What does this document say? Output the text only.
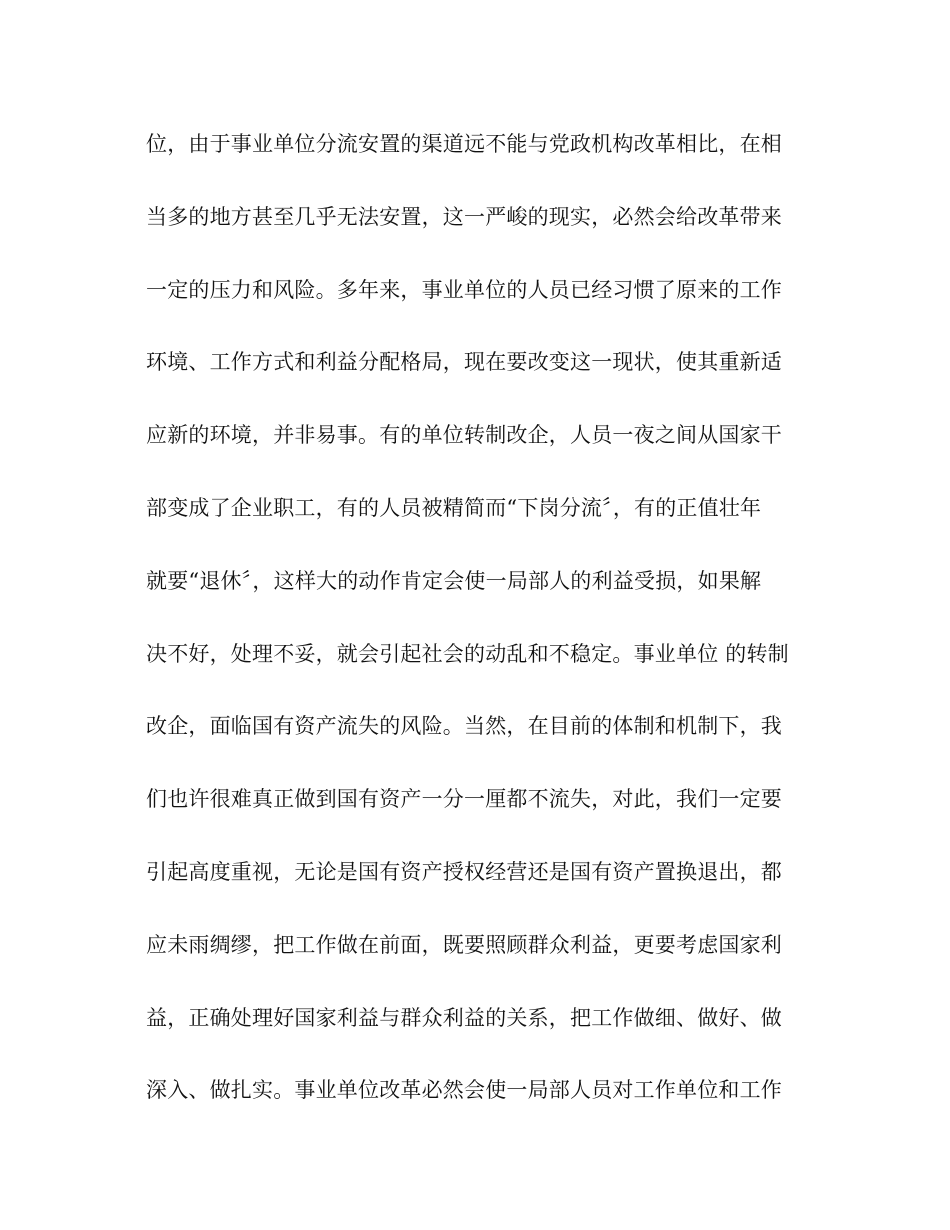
位，由于事业单位分流安置的渠道远不能与党政机构改革相比，在相
当多的地方甚至几乎无法安置，这一严峻的现实，必然会给改革带来
一定的压力和风险。多年来，事业单位的人员已经习惯了原来的工作
环境、工作方式和利益分配格局，现在要改变这一现状，使其重新适
应新的环境，并非易事。有的单位转制改企，人员一夜之间从国家干
部变成了企业职工，有的人员被精简而“下岗分流〞，有的正值壮年
就要“退休〞，这样大的动作肯定会使一局部人的利益受损，如果解
决不好，处理不妥，就会引起社会的动乱和不稳定。事业单位 的转制
改企，面临国有资产流失的风险。当然，在目前的体制和机制下，我
们也许很难真正做到国有资产一分一厘都不流失，对此，我们一定要
引起高度重视，无论是国有资产授权经营还是国有资产置换退出，都
应未雨绸缪，把工作做在前面，既要照顾群众利益，更要考虑国家利
益，正确处理好国家利益与群众利益的关系，把工作做细、做好、做
深入、做扎实。事业单位改革必然会使一局部人员对工作单位和工作
